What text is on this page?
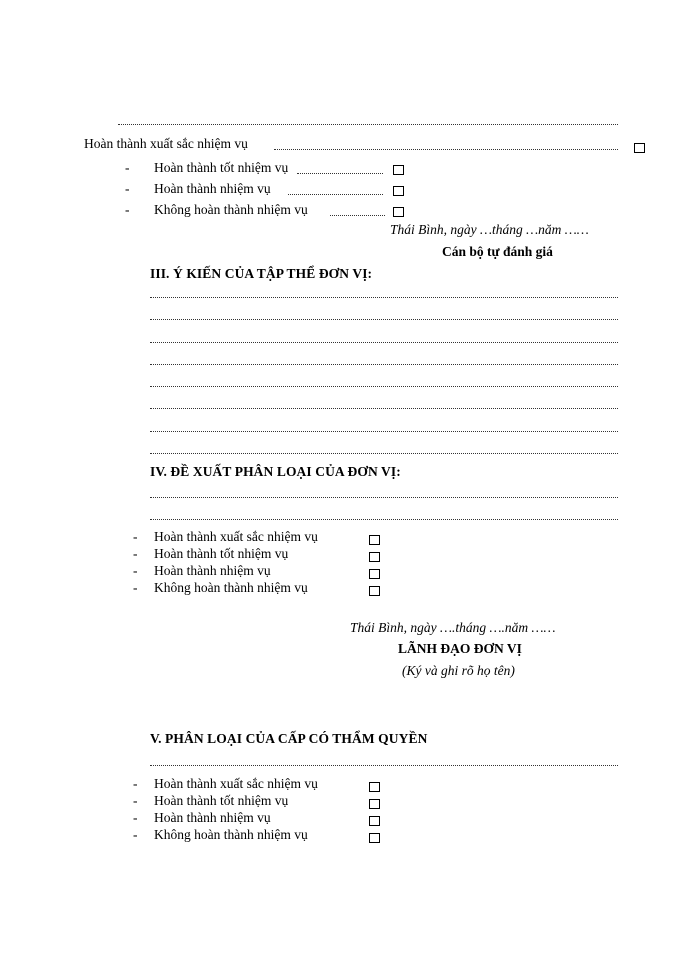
Hoàn thành xuất sắc nhiệm vụ
- Hoàn thành tốt nhiệm vụ
- Hoàn thành nhiệm vụ
- Không hoàn thành nhiệm vụ
Thái Bình, ngày …tháng …năm ……
Cán bộ tự đánh giá
III. Ý KIẾN CỦA TẬP THỂ ĐƠN VỊ:
IV. ĐỀ XUẤT PHÂN LOẠI CỦA ĐƠN VỊ:
- Hoàn thành xuất sắc nhiệm vụ
- Hoàn thành tốt nhiệm vụ
- Hoàn thành nhiệm vụ
- Không hoàn thành nhiệm vụ
Thái Bình, ngày ….tháng ….năm ……
LÃNH ĐẠO ĐƠN VỊ
(Ký và ghi rõ họ tên)
V. PHÂN LOẠI CỦA CẤP CÓ THẨM QUYỀN
- Hoàn thành xuất sắc nhiệm vụ
- Hoàn thành tốt nhiệm vụ
- Hoàn thành nhiệm vụ
- Không hoàn thành nhiệm vụ
